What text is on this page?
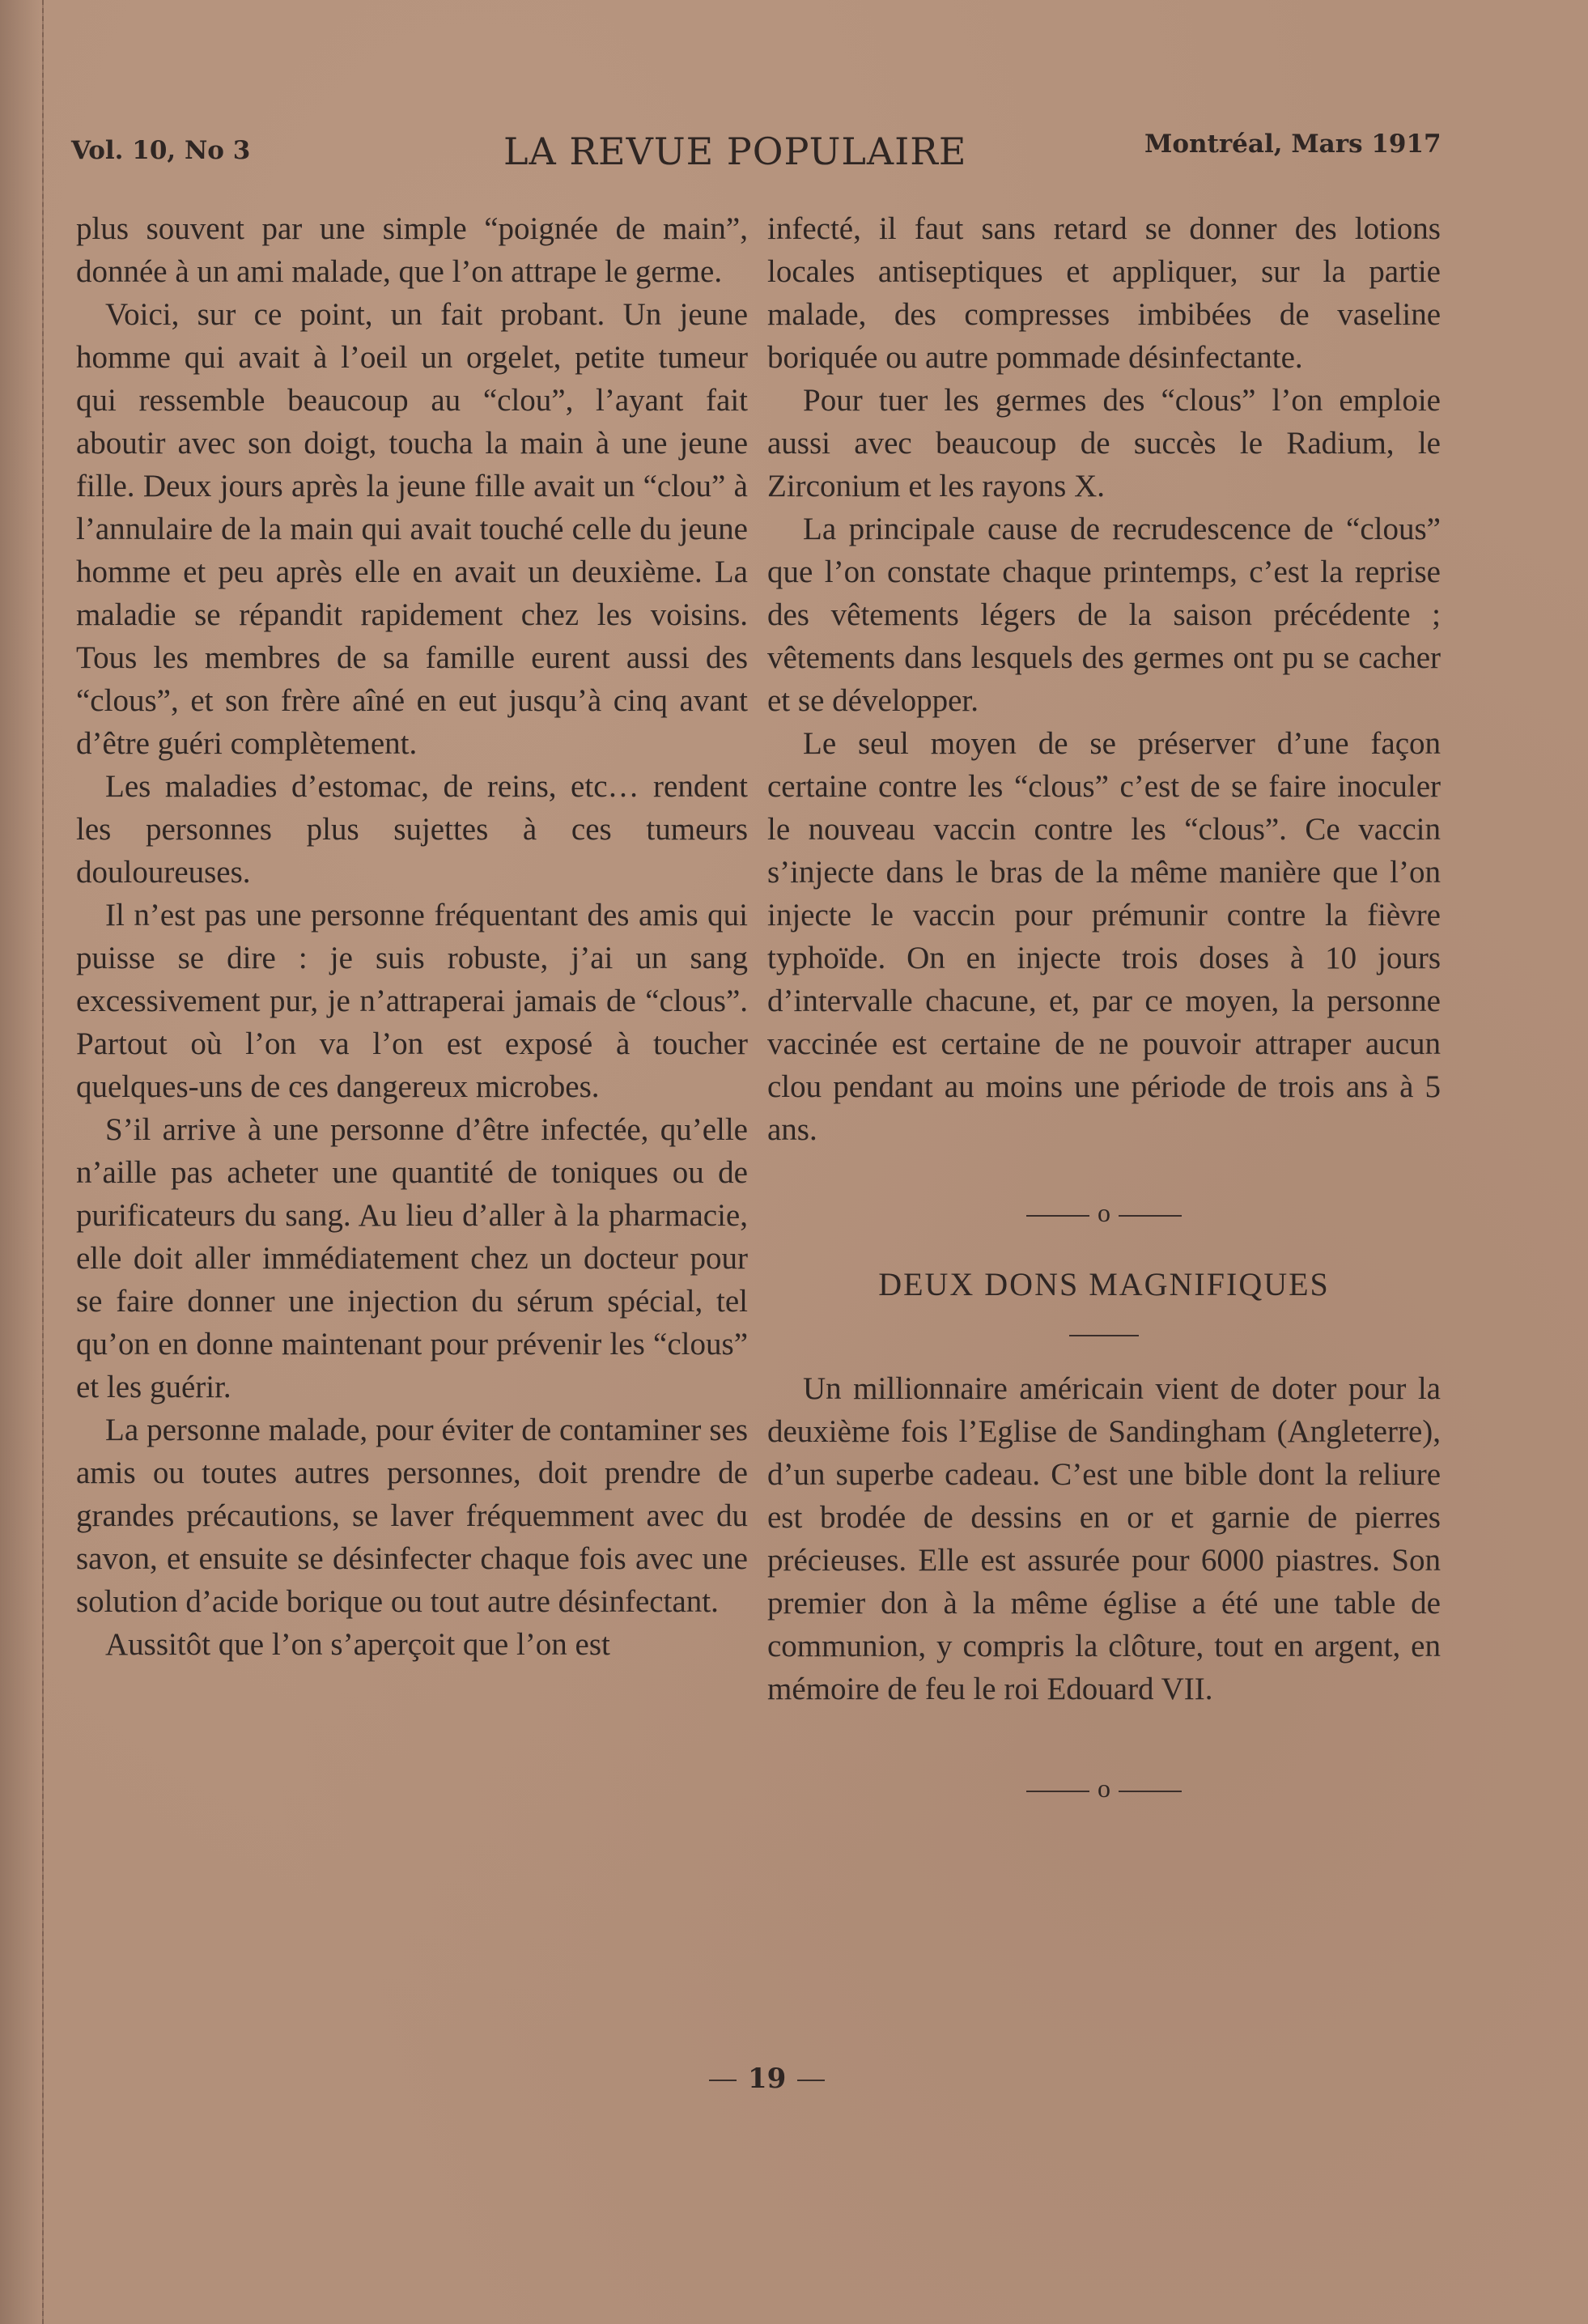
Vol. 10, No 3	LA REVUE POPULAIRE	Montréal, Mars 1917

plus souvent par une simple “poignée de main”, donnée à un ami malade, que l’on attrape le germe.

Voici, sur ce point, un fait probant. Un jeune homme qui avait à l’oeil un orgelet, petite tumeur qui ressemble beaucoup au “clou”, l’ayant fait aboutir avec son doigt, toucha la main à une jeune fille. Deux jours après la jeune fille avait un “clou” à l’annulaire de la main qui avait touché celle du jeune homme et peu après elle en avait un deuxième. La maladie se répandit rapidement chez les voisins. Tous les membres de sa famille eurent aussi des “clous”, et son frère aîné en eut jusqu’à cinq avant d’être guéri complètement.

Les maladies d’estomac, de reins, etc… rendent les personnes plus sujettes à ces tumeurs douloureuses.

Il n’est pas une personne fréquentant des amis qui puisse se dire : je suis robuste, j’ai un sang excessivement pur, je n’attraperai jamais de “clous”. Partout où l’on va l’on est exposé à toucher quelques-uns de ces dangereux microbes.

S’il arrive à une personne d’être infectée, qu’elle n’aille pas acheter une quantité de toniques ou de purificateurs du sang. Au lieu d’aller à la pharmacie, elle doit aller immédiatement chez un docteur pour se faire donner une injection du sérum spécial, tel qu’on en donne maintenant pour prévenir les “clous” et les guérir.

La personne malade, pour éviter de contaminer ses amis ou toutes autres personnes, doit prendre de grandes précautions, se laver fréquemment avec du savon, et ensuite se désinfecter chaque fois avec une solution d’acide borique ou tout autre désinfectant.

Aussitôt que l’on s’aperçoit que l’on est

infecté, il faut sans retard se donner des lotions locales antiseptiques et appliquer, sur la partie malade, des compresses imbibées de vaseline boriquée ou autre pommade désinfectante.

Pour tuer les germes des “clous” l’on emploie aussi avec beaucoup de succès le Radium, le Zirconium et les rayons X.

La principale cause de recrudescence de “clous” que l’on constate chaque printemps, c’est la reprise des vêtements légers de la saison précédente ; vêtements dans lesquels des germes ont pu se cacher et se développer.

Le seul moyen de se préserver d’une façon certaine contre les “clous” c’est de se faire inoculer le nouveau vaccin contre les “clous”. Ce vaccin s’injecte dans le bras de la même manière que l’on injecte le vaccin pour prémunir contre la fièvre typhoïde. On en injecte trois doses à 10 jours d’intervalle chacune, et, par ce moyen, la personne vaccinée est certaine de ne pouvoir attraper aucun clou pendant au moins une période de trois ans à 5 ans.

o
DEUX DONS MAGNIFIQUES

Un millionnaire américain vient de doter pour la deuxième fois l’Eglise de Sandingham (Angleterre), d’un superbe cadeau. C’est une bible dont la reliure est brodée de dessins en or et garnie de pierres précieuses. Elle est assurée pour 6000 piastres. Son premier don à la même église a été une table de communion, y compris la clôture, tout en argent, en mémoire de feu le roi Edouard VII.

o
19
